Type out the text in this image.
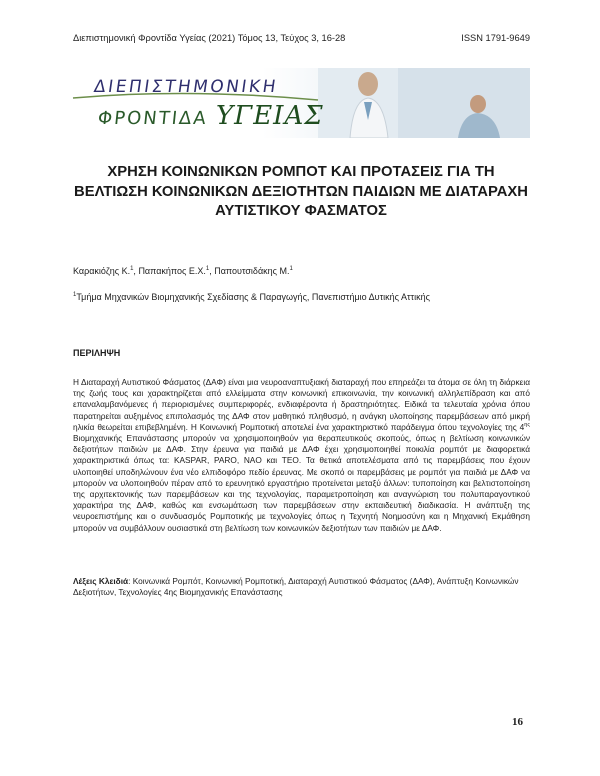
Διεπιστημονική Φροντίδα Υγείας (2021) Τόμος 13, Τεύχος 3, 16-28	ISSN 1791-9649
ΔΙΕΠΙΣΤΗΜΟΝΙΚΗ
ΦΡΟΝΤΙΔΑ ΥΓΕΙΑΣ
ΧΡΗΣΗ ΚΟΙΝΩΝΙΚΩΝ ΡΟΜΠΟΤ ΚΑΙ ΠΡΟΤΑΣΕΙΣ ΓΙΑ ΤΗ ΒΕΛΤΙΩΣΗ ΚΟΙΝΩΝΙΚΩΝ ΔΕΞΙΟΤΗΤΩΝ ΠΑΙΔΙΩΝ ΜΕ ΔΙΑΤΑΡΑΧΗ ΑΥΤΙΣΤΙΚΟΥ ΦΑΣΜΑΤΟΣ
Καρακιόζης Κ.$^1$, Παπακήπος Ε.Χ.$^1$, Παπουτσιδάκης Μ.$^1$
$^1$Τμήμα Μηχανικών Βιομηχανικής Σχεδίασης & Παραγωγής, Πανεπιστήμιο Δυτικής Αττικής
ΠΕΡΙΛΗΨΗ

Η Διαταραχή Αυτιστικού Φάσματος (ΔΑΦ) είναι μια νευροαναπτυξιακή διαταραχή που επηρεάζει τα άτομα σε όλη τη διάρκεια της ζωής τους και χαρακτηρίζεται από ελλείμματα στην κοινωνική επικοινωνία, την κοινωνική αλληλεπίδραση και από επαναλαμβανόμενες ή περιορισμένες συμπεριφορές, ενδιαφέροντα ή δραστηριότητες. Ειδικά τα τελευταία χρόνια όπου παρατηρείται αυξημένος επιπολασμός της ΔΑΦ στον μαθητικό πληθυσμό, η ανάγκη υλοποίησης παρεμβάσεων από μικρή ηλικία θεωρείται επιβεβλημένη. Η Κοινωνική Ρομποτική αποτελεί ένα χαρακτηριστικό παράδειγμα όπου τεχνολογίες της $4^{\eta\varsigma}$ Βιομηχανικής Επανάστασης μπορούν να χρησιμοποιηθούν για θεραπευτικούς σκοπούς, όπως η βελτίωση κοινωνικών δεξιοτήτων παιδιών με ΔΑΦ. Στην έρευνα για παιδιά με ΔΑΦ έχει χρησιμοποιηθεί ποικιλία ρομπότ με διαφορετικά χαρακτηριστικά όπως τα: KASPAR, PARO, NAO και TEO. Τα θετικά αποτελέσματα από τις παρεμβάσεις που έχουν υλοποιηθεί υποδηλώνουν ένα νέο ελπιδοφόρο πεδίο έρευνας. Με σκοπό οι παρεμβάσεις με ρομπότ για παιδιά με ΔΑΦ να μπορούν να υλοποιηθούν πέραν από το ερευνητικό εργαστήριο προτείνεται μεταξύ άλλων: τυποποίηση και βελτιστοποίηση της αρχιτεκτονικής των παρεμβάσεων και της τεχνολογίας, παραμετροποίηση και αναγνώριση του πολυπαραγοντικού χαρακτήρα της ΔΑΦ, καθώς και ενσωμάτωση των παρεμβάσεων στην εκπαιδευτική διαδικασία. Η ανάπτυξη της νευροεπιστήμης και ο συνδυασμός Ρομποτικής με τεχνολογίες όπως η Τεχνητή Νοημοσύνη και η Μηχανική Εκμάθηση μπορούν να συμβάλλουν ουσιαστικά στη βελτίωση των κοινωνικών δεξιοτήτων των παιδιών με ΔΑΦ.

Λέξεις Κλειδιά: Κοινωνικά Ρομπότ, Κοινωνική Ρομποτική, Διαταραχή Αυτιστικού Φάσματος (ΔΑΦ), Ανάπτυξη Κοινωνικών Δεξιοτήτων, Τεχνολογίες 4ης Βιομηχανικής Επανάστασης

16
